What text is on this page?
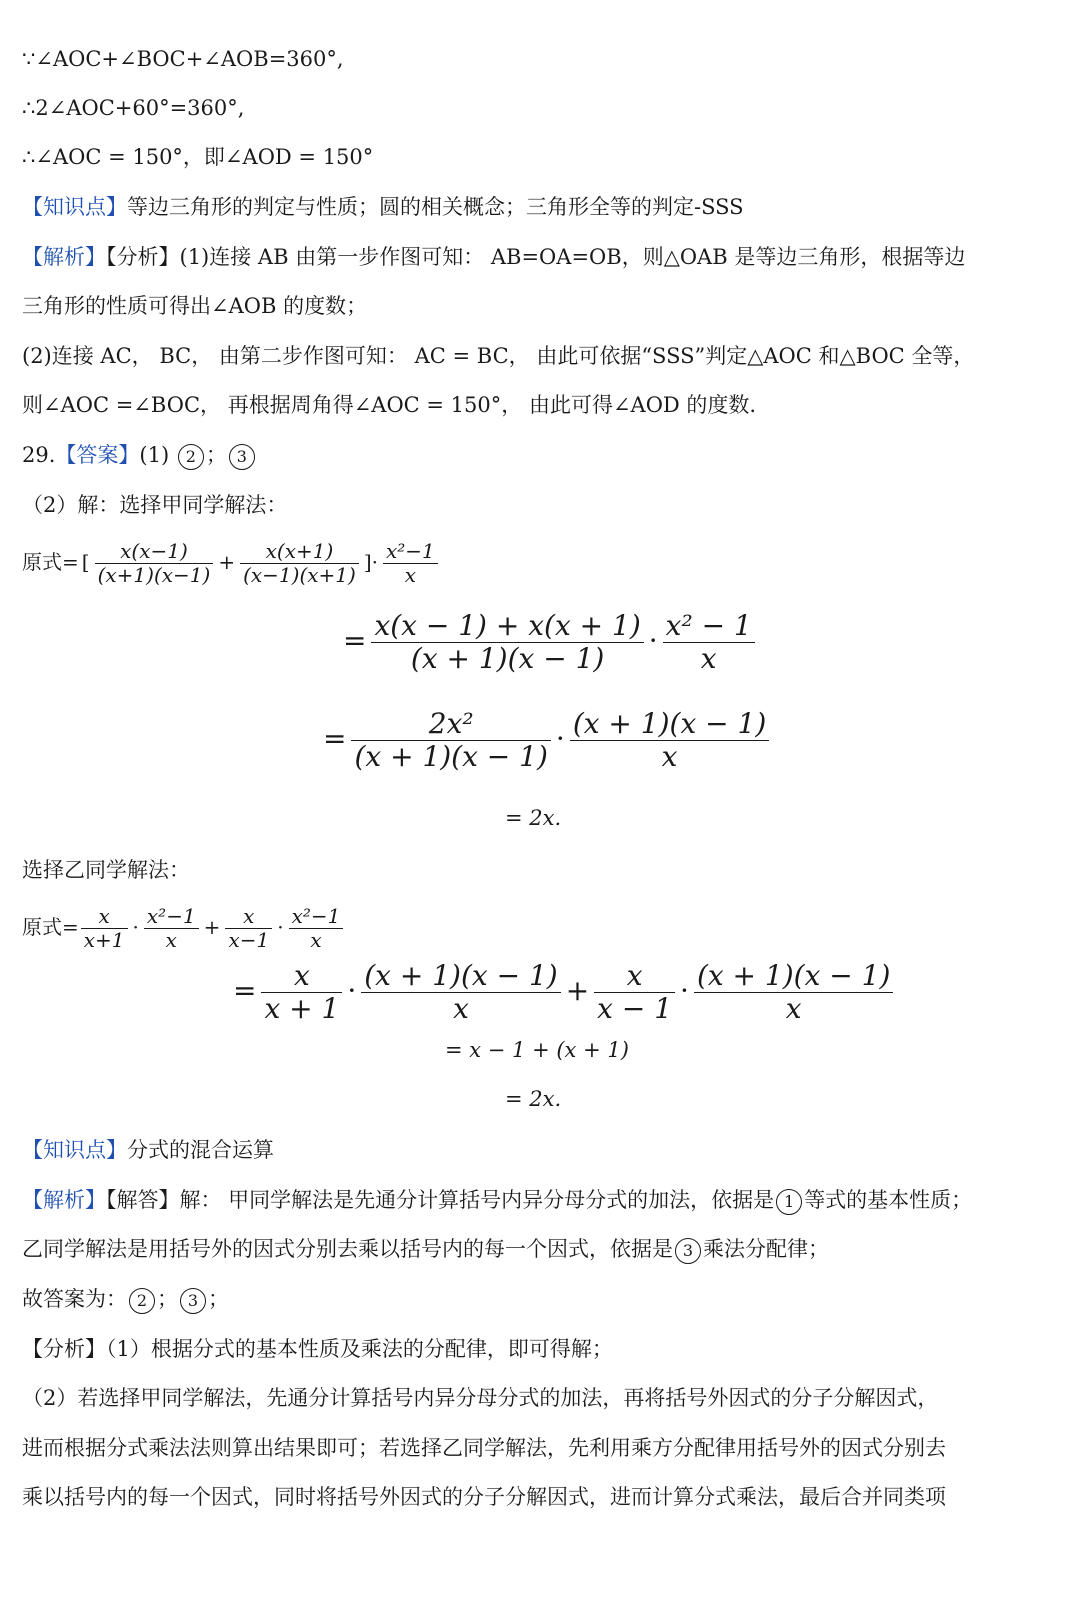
∵∠AOC+∠BOC+∠AOB=360°,
∴2∠AOC+60°=360°,
∴∠AOC = 150°，即∠AOD = 150°
【知识点】等边三角形的判定与性质；圆的相关概念；三角形全等的判定-SSS
【解析】【分析】(1)连接 AB 由第一步作图可知： AB=OA=OB，则△OAB 是等边三角形，根据等边
三角形的性质可得出∠AOB 的度数；
(2)连接 AC， BC， 由第二步作图可知： AC = BC， 由此可依据“SSS”判定△AOC 和△BOC 全等，
则∠AOC =∠BOC， 再根据周角得∠AOC = 150°， 由此可得∠AOD 的度数.
29.【答案】(1) 2 ； 3
（2）解：选择甲同学解法：
原式= [ $\frac{x(x-1)}{(x+1)(x-1)} + \frac{x(x+1)}{(x-1)(x+1)}$ ]· $\frac{\text{x²−1}}{x}$
= $\frac{x(x - 1) + x(x + 1)}{(x + 1)(x - 1)} \cdot \frac{\text{x² − 1}}{x}$
= $\frac{\text{2x²}}{(x + 1)(x - 1)} \cdot \frac{(x + 1)(x - 1)}{x}$
= 2x.
选择乙同学解法：
原式= $\frac{x}{x+1} \cdot \frac{\text{x²−1}}{x} + \frac{x}{x-1} \cdot \frac{\text{x²−1}}{x}$
= $\frac{x}{x + 1} \cdot \frac{(x + 1)(x - 1)}{x} + \frac{x}{x - 1} \cdot \frac{(x + 1)(x - 1)}{x}$
= x − 1 + (x + 1)
= 2x.
【知识点】分式的混合运算
【解析】【解答】解： 甲同学解法是先通分计算括号内异分母分式的加法，依据是 1 等式的基本性质；
乙同学解法是用括号外的因式分别去乘以括号内的每一个因式，依据是 3 乘法分配律；
故答案为： 2 ； 3 ；
【分析】（1）根据分式的基本性质及乘法的分配律，即可得解；
（2）若选择甲同学解法，先通分计算括号内异分母分式的加法，再将括号外因式的分子分解因式，
进而根据分式乘法法则算出结果即可；若选择乙同学解法，先利用乘方分配律用括号外的因式分别去
乘以括号内的每一个因式，同时将括号外因式的分子分解因式，进而计算分式乘法，最后合并同类项
